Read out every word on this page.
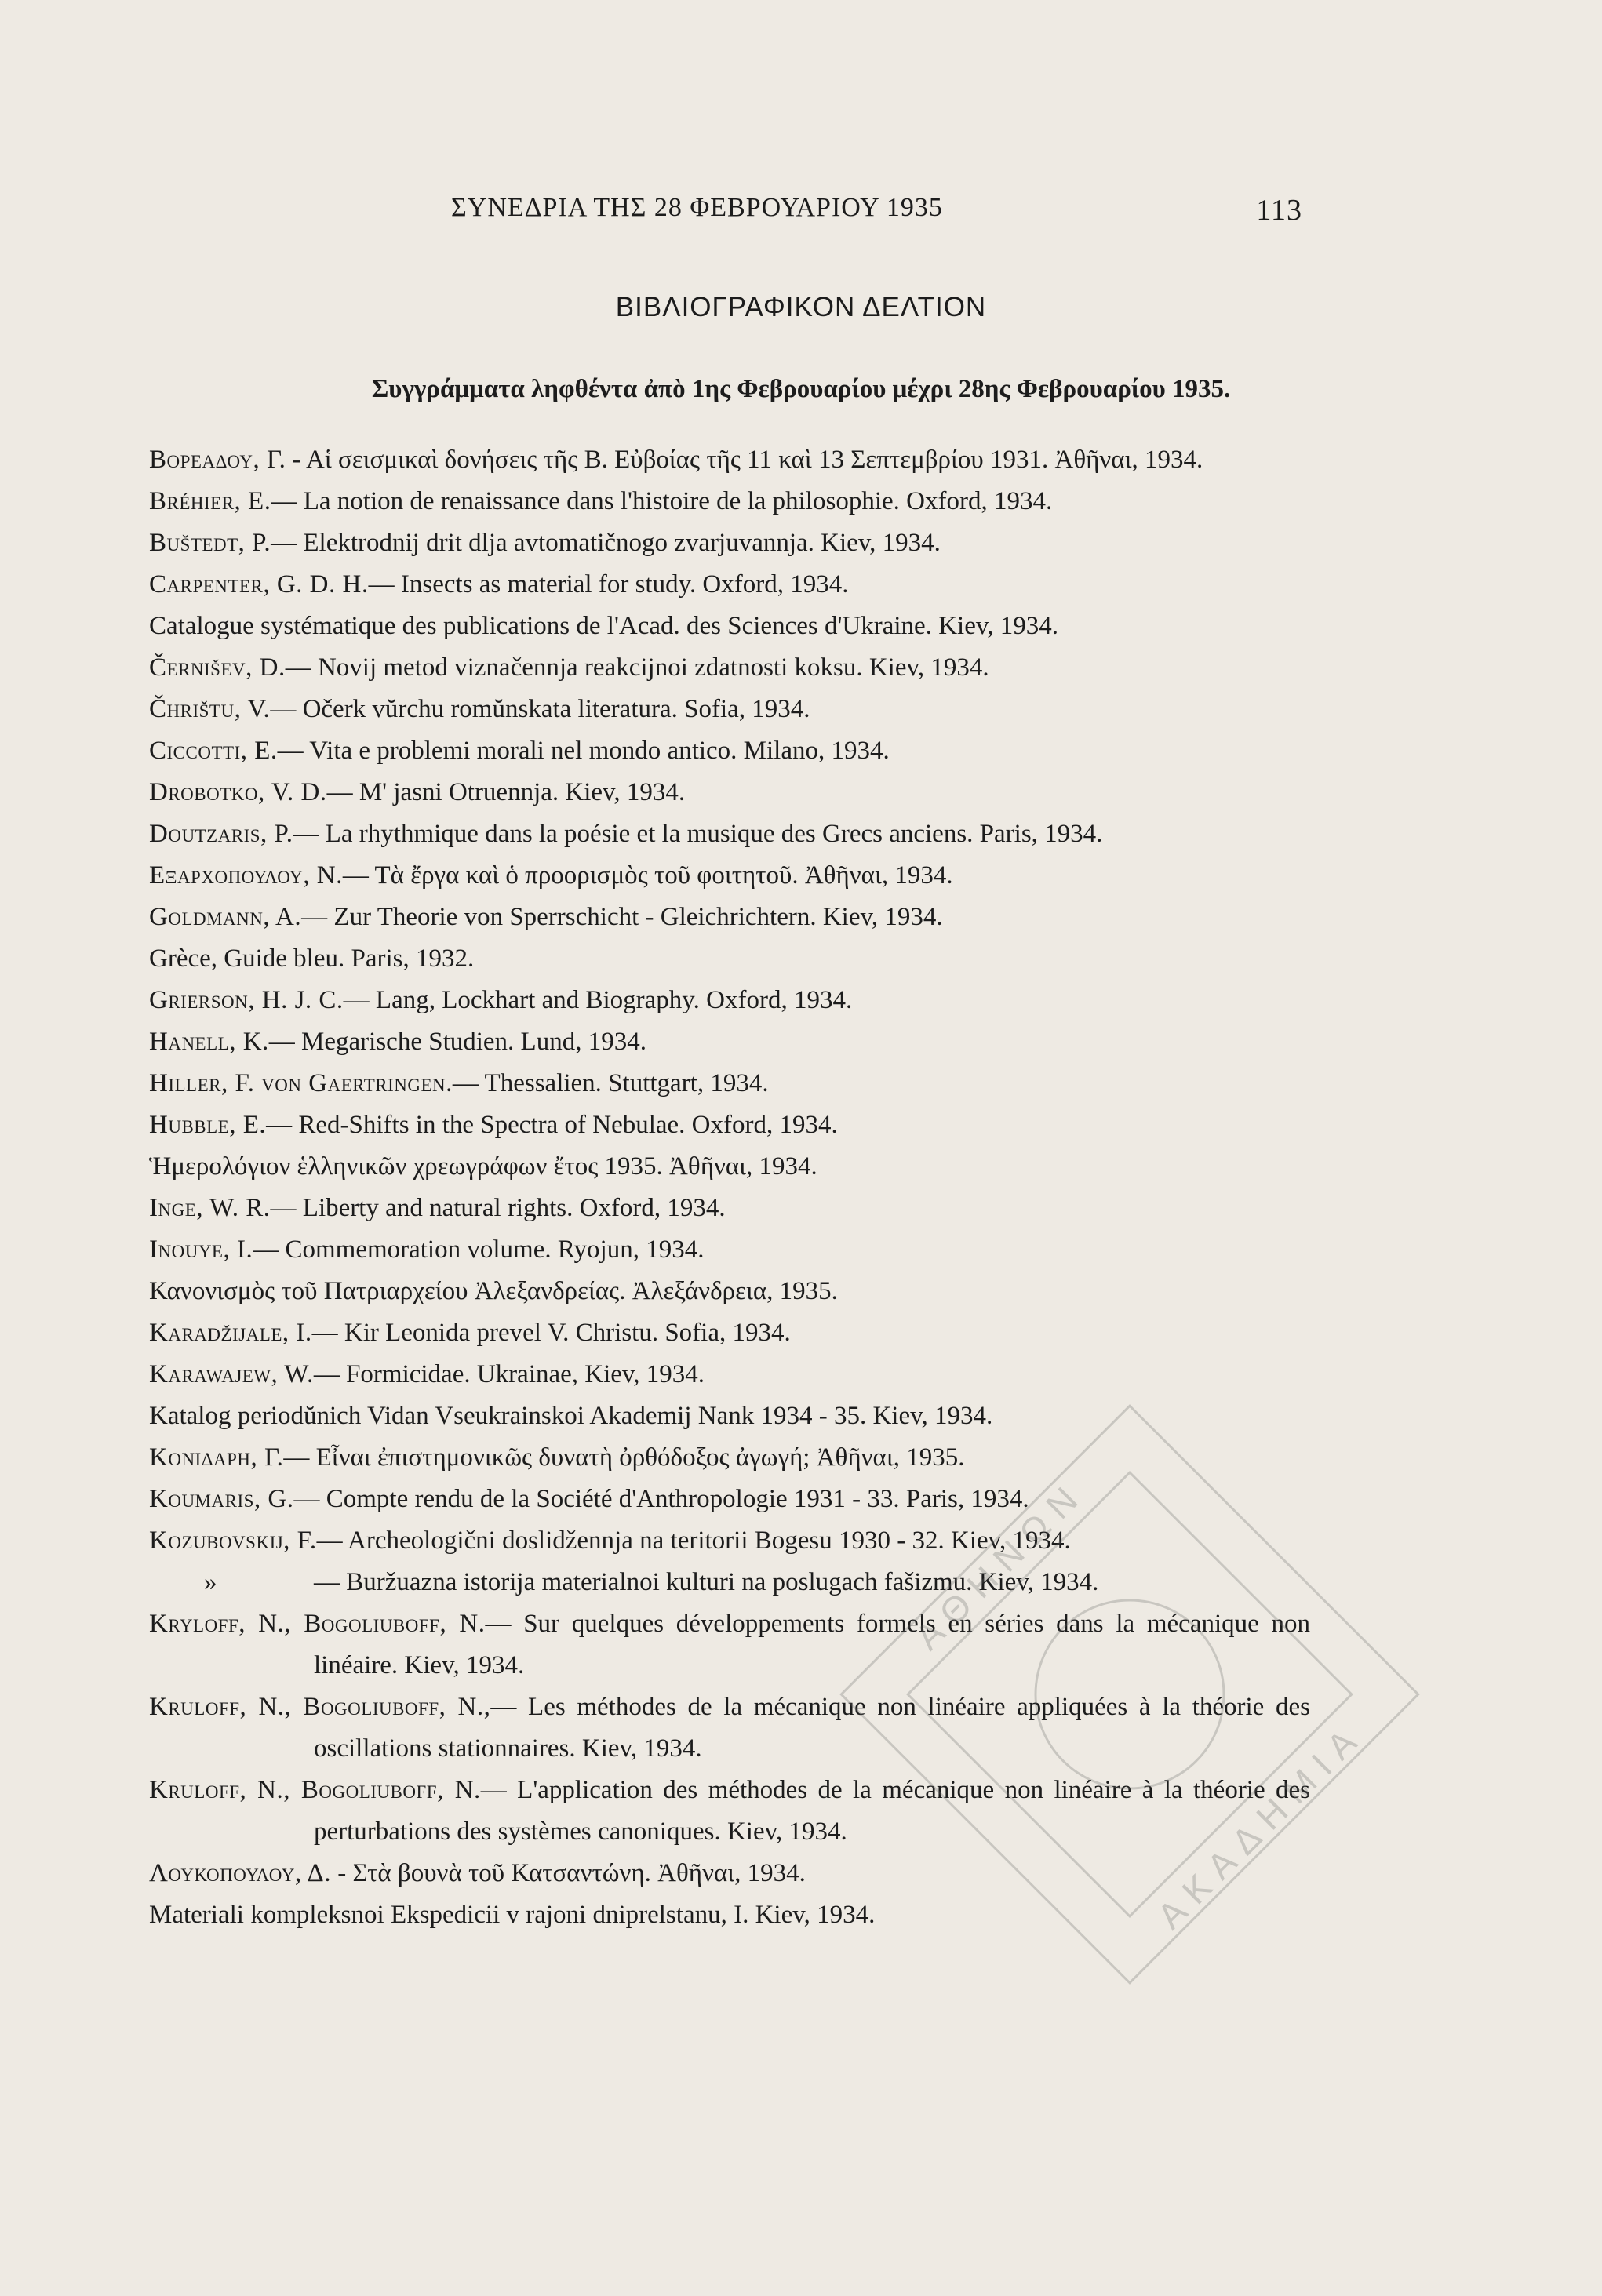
ΣΥΝΕΔΡΙΑ ΤΗΣ 28 ΦΕΒΡΟΥΑΡΙΟΥ 1935	113
ΒΙΒΛΙΟΓΡΑΦΙΚΟΝ ΔΕΛΤΙΟΝ
Συγγράμματα ληφθέντα ἀπὸ 1ης Φεβρουαρίου μέχρι 28ης Φεβρουαρίου 1935.

Βορεαδου, Γ. - Αἱ σεισμικαὶ δονήσεις τῆς Β. Εὐβοίας τῆς 11 καὶ 13 Σεπτεμβρίου 1931. Ἀθῆναι, 1934.

Bréhier, E.— La notion de renaissance dans l'histoire de la philosophie. Oxford, 1934.

Buštedt, P.— Elektrodnij drit dlja avtomatičnogo zvarjuvannja. Kiev, 1934.

Carpenter, G. D. H.— Insects as material for study. Oxford, 1934.

Catalogue systématique des publications de l'Acad. des Sciences d'Ukraine. Kiev, 1934.

Černišev, D.— Novij metod viznačennja reakcijnoi zdatnosti koksu. Kiev, 1934.

Čhrištu, V.— Očerk vŭrchu romŭnskata literatura. Sofia, 1934.

Ciccotti, E.— Vita e problemi morali nel mondo antico. Milano, 1934.

Drobotko, V. D.— M' jasni Otruennja. Kiev, 1934.

Doutzaris, P.— La rhythmique dans la poésie et la musique des Grecs anciens. Paris, 1934.

Εξαρχοπουλου, Ν.— Τὰ ἔργα καὶ ὁ προορισμὸς τοῦ φοιτητοῦ. Ἀθῆναι, 1934.

Goldmann, A.— Zur Theorie von Sperrschicht - Gleichrichtern. Kiev, 1934.

Grèce, Guide bleu. Paris, 1932.

Grierson, H. J. C.— Lang, Lockhart and Biography. Oxford, 1934.

Hanell, K.— Megarische Studien. Lund, 1934.

Hiller, F. von Gaertringen.— Thessalien. Stuttgart, 1934.

Hubble, E.— Red-Shifts in the Spectra of Nebulae. Oxford, 1934.

Ἡμερολόγιον ἑλληνικῶν χρεωγράφων ἔτος 1935. Ἀθῆναι, 1934.

Inge, W. R.— Liberty and natural rights. Oxford, 1934.

Inouye, I.— Commemoration volume. Ryojun, 1934.

Κανονισμὸς τοῦ Πατριαρχείου Ἀλεξανδρείας. Ἀλεξάνδρεια, 1935.

Karadžijale, I.— Kir Leonida prevel V. Christu. Sofia, 1934.

Karawajew, W.— Formicidae. Ukrainae, Kiev, 1934.

Katalog periodŭnich Vidan Vseukrainskoi Akademij Nank 1934 - 35. Kiev, 1934.

Κονιδαρη, Γ.— Εἶναι ἐπιστημονικῶς δυνατὴ ὀρθόδοξος ἀγωγή; Ἀθῆναι, 1935.

Koumaris, G.— Compte rendu de la Société d'Anthropologie 1931 - 33. Paris, 1934.

Kozubovskij, F.— Archeologični doslidžennja na teritorii Bogesu 1930 - 32. Kiev, 1934.

»	— Buržuazna istorija materialnoi kulturi na poslugach fašizmu. Kiev, 1934.

Kryloff, N., Bogoliuboff, N.— Sur quelques développements formels en séries dans la mécanique non linéaire. Kiev, 1934.

Kruloff, N., Bogoliuboff, N.,— Les méthodes de la mécanique non linéaire appliquées à la théorie des oscillations stationnaires. Kiev, 1934.

Kruloff, N., Bogoliuboff, N.— L'application des méthodes de la mécanique non linéaire à la théorie des perturbations des systèmes canoniques. Kiev, 1934.

Λουκοπουλου, Δ. - Στὰ βουνὰ τοῦ Κατσαντώνη. Ἀθῆναι, 1934.

Materiali kompleksnoi Ekspedicii v rajoni dniprelstanu, I. Kiev, 1934.

ΑΘΗΝΩΝ
ΑΚΑΔΗΜΙΑ
